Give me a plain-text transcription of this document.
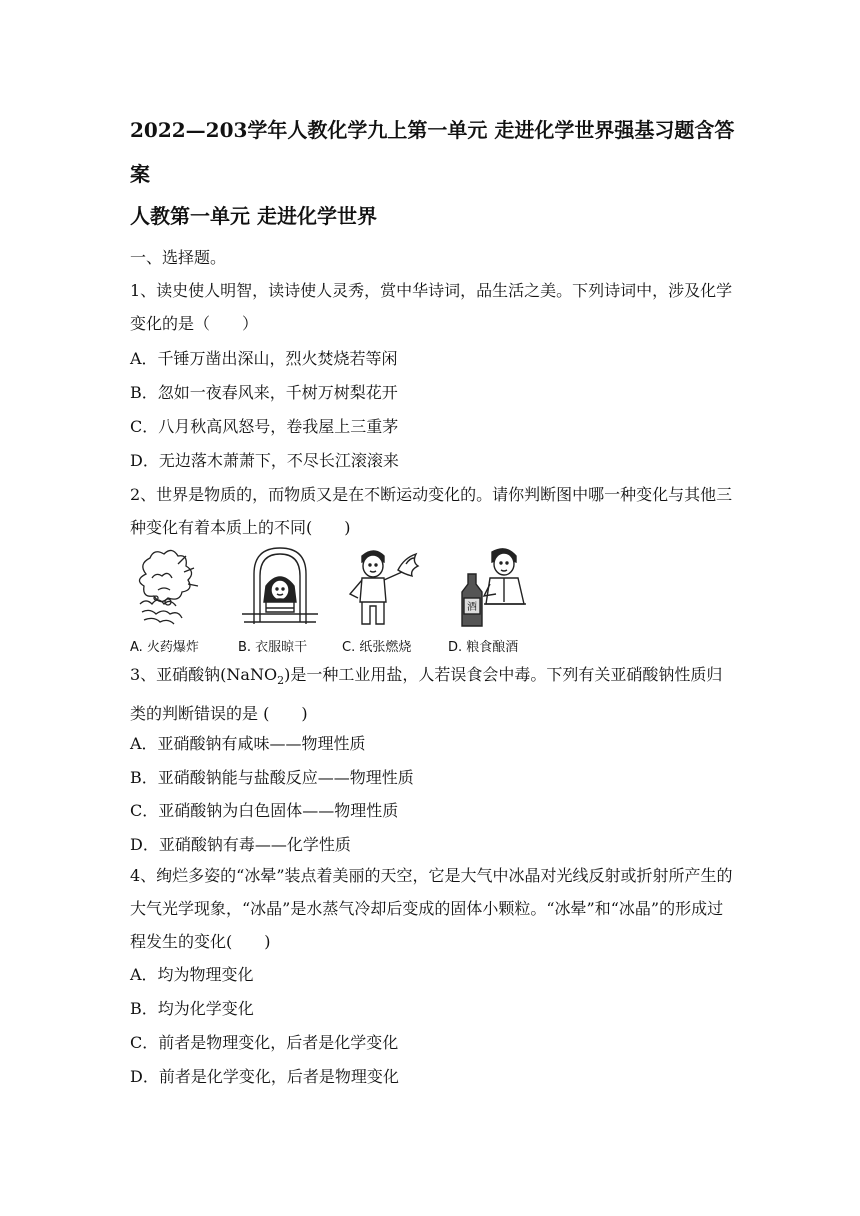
2022—203学年人教化学九上第一单元 走进化学世界强基习题含答案
人教第一单元 走进化学世界
一、选择题。
1、读史使人明智，读诗使人灵秀，赏中华诗词，品生活之美。下列诗词中，涉及化学变化的是（　　）
A．千锤万凿出深山，烈火焚烧若等闲
B．忽如一夜春风来，千树万树梨花开
C．八月秋高风怒号，卷我屋上三重茅
D．无边落木萧萧下，不尽长江滚滚来
2、世界是物质的，而物质又是在不断运动变化的。请你判断图中哪一种变化与其他三种变化有着本质上的不同(　　)
A. 火药爆炸	B. 衣服晾干	C. 纸张燃烧
酒
D. 粮食酿酒
3、亚硝酸钠(NaNO$_2$)是一种工业用盐，人若误食会中毒。下列有关亚硝酸钠性质归类的判断错误的是 (　　)
A．亚硝酸钠有咸味——物理性质
B．亚硝酸钠能与盐酸反应——物理性质
C．亚硝酸钠为白色固体——物理性质
D．亚硝酸钠有毒——化学性质
4、绚烂多姿的“冰晕”装点着美丽的天空，它是大气中冰晶对光线反射或折射所产生的大气光学现象，“冰晶”是水蒸气冷却后变成的固体小颗粒。“冰晕”和“冰晶”的形成过程发生的变化(　　)
A．均为物理变化
B．均为化学变化
C．前者是物理变化，后者是化学变化
D．前者是化学变化，后者是物理变化
